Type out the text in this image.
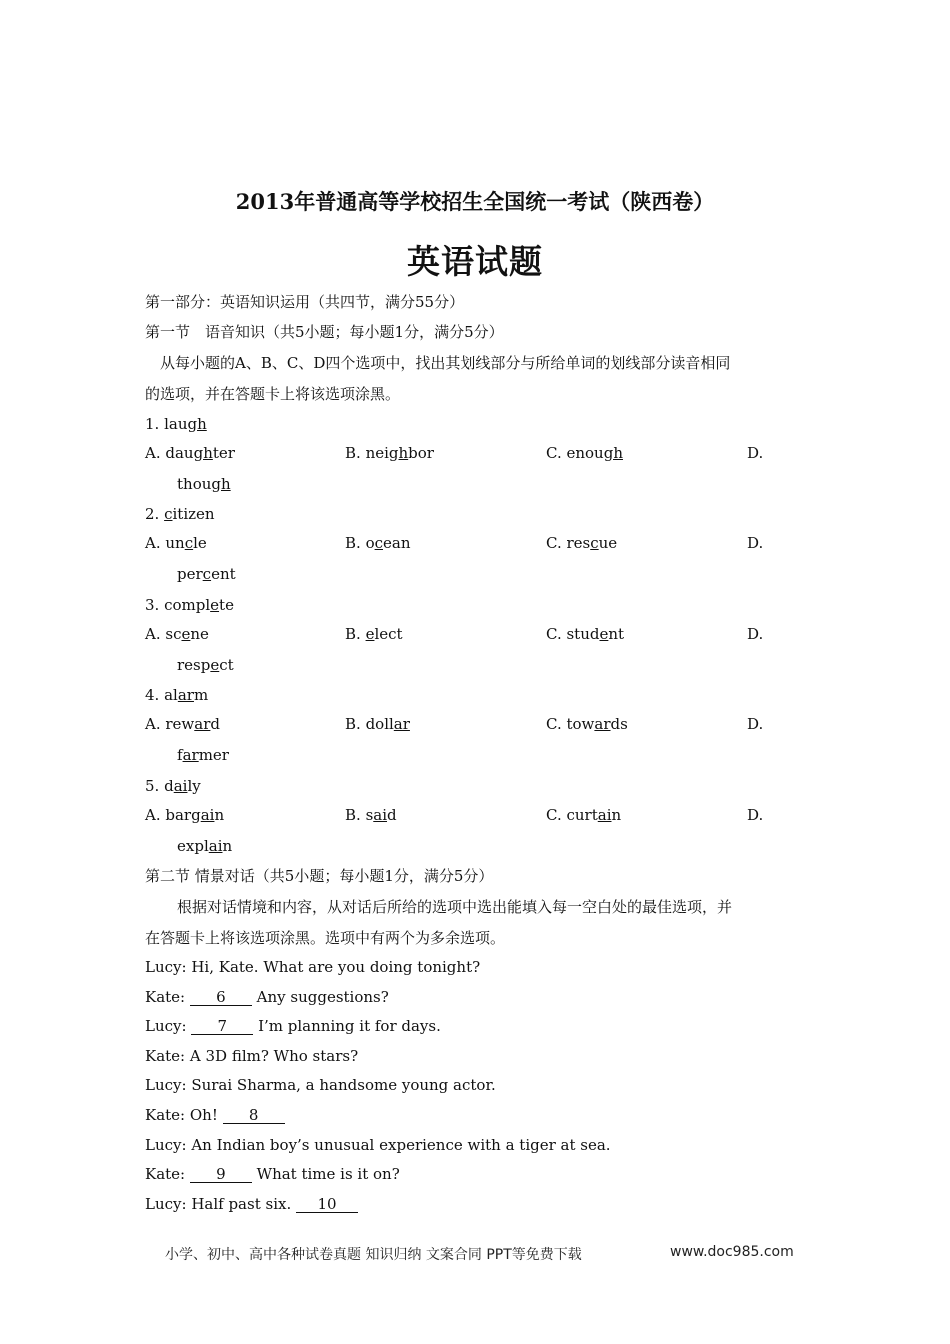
2013年普通高等学校招生全国统一考试（陕西卷）
英语试题
第一部分：英语知识运用（共四节，满分55分）
第一节　语音知识（共5小题；每小题1分，满分5分）
从每小题的A、B、C、D四个选项中，找出其划线部分与所给单词的划线部分读音相同
的选项，并在答题卡上将该选项涂黑。
1. laugh
A. daughter	B. neighbor	C. enough	D.
though
2. citizen
A. uncle	B. ocean	C. rescue	D.
percent
3. complete
A. scene	B. elect	C. student	D.
respect
4. alarm
A. reward	B. dollar	C. towards	D.
farmer
5. daily
A. bargain	B. said	C. curtain	D.
explain
第二节 情景对话（共5小题；每小题1分，满分5分）
根据对话情境和内容，从对话后所给的选项中选出能填入每一空白处的最佳选项，并
在答题卡上将该选项涂黑。选项中有两个为多余选项。
Lucy: Hi, Kate. What are you doing tonight?
Kate: 6 Any suggestions?
Lucy: 7 I’m planning it for days.
Kate: A 3D film? Who stars?
Lucy: Surai Sharma, a handsome young actor.
Kate: Oh! 8
Lucy: An Indian boy’s unusual experience with a tiger at sea.
Kate: 9 What time is it on?
Lucy: Half past six. 10
小学、初中、高中各种试卷真题 知识归纳 文案合同 PPT等免费下载	www.doc985.com
